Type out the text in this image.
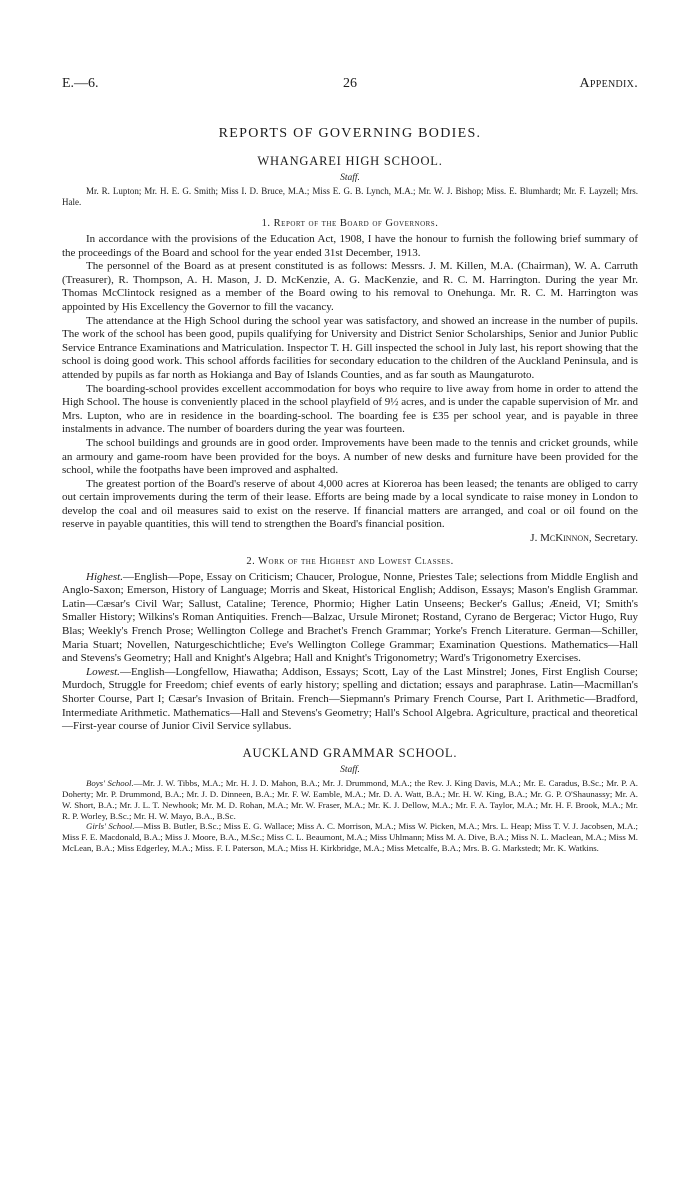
E.—6.	26	Appendix.
REPORTS OF GOVERNING BODIES.
WHANGAREI HIGH SCHOOL.
Staff.

Mr. R. Lupton; Mr. H. E. G. Smith; Miss I. D. Bruce, M.A.; Miss E. G. B. Lynch, M.A.; Mr. W. J. Bishop; Miss. E. Blumhardt; Mr. F. Layzell; Mrs. Hale.

1. Report of the Board of Governors.

In accordance with the provisions of the Education Act, 1908, I have the honour to furnish the following brief summary of the proceedings of the Board and school for the year ended 31st December, 1913.

The personnel of the Board as at present constituted is as follows: Messrs. J. M. Killen, M.A. (Chairman), W. A. Carruth (Treasurer), R. Thompson, A. H. Mason, J. D. McKenzie, A. G. MacKenzie, and R. C. M. Harrington. During the year Mr. Thomas McClintock resigned as a member of the Board owing to his removal to Onehunga. Mr. R. C. M. Harrington was appointed by His Excellency the Governor to fill the vacancy.

The attendance at the High School during the school year was satisfactory, and showed an increase in the number of pupils. The work of the school has been good, pupils qualifying for University and District Senior Scholarships, Senior and Junior Public Service Entrance Examinations and Matriculation. Inspector T. H. Gill inspected the school in July last, his report showing that the school is doing good work. This school affords facilities for secondary education to the children of the Auckland Peninsula, and is attended by pupils as far north as Hokianga and Bay of Islands Counties, and as far south as Maungaturoto.

The boarding-school provides excellent accommodation for boys who require to live away from home in order to attend the High School. The house is conveniently placed in the school playfield of 9½ acres, and is under the capable supervision of Mr. and Mrs. Lupton, who are in residence in the boarding-school. The boarding fee is £35 per school year, and is payable in three instalments in advance. The number of boarders during the year was fourteen.

The school buildings and grounds are in good order. Improvements have been made to the tennis and cricket grounds, while an armoury and game-room have been provided for the boys. A number of new desks and furniture have been provided for the school, while the footpaths have been improved and asphalted.

The greatest portion of the Board's reserve of about 4,000 acres at Kioreroa has been leased; the tenants are obliged to carry out certain improvements during the term of their lease. Efforts are being made by a local syndicate to raise money in London to develop the coal and oil measures said to exist on the reserve. If financial matters are arranged, and coal or oil found on the reserve in payable quantities, this will tend to strengthen the Board's financial position.

J. McKinnon, Secretary.

2. Work of the Highest and Lowest Classes.

Highest.—English—Pope, Essay on Criticism; Chaucer, Prologue, Nonne, Priestes Tale; selections from Middle English and Anglo-Saxon; Emerson, History of Language; Morris and Skeat, Historical English; Addison, Essays; Mason's English Grammar. Latin—Cæsar's Civil War; Sallust, Cataline; Terence, Phormio; Higher Latin Unseens; Becker's Gallus; Æneid, VI; Smith's Smaller History; Wilkins's Roman Antiquities. French—Balzac, Ursule Mironet; Rostand, Cyrano de Bergerac; Victor Hugo, Ruy Blas; Weekly's French Prose; Wellington College and Brachet's French Grammar; Yorke's French Literature. German—Schiller, Maria Stuart; Novellen, Naturgeschichtliche; Eve's Wellington College Grammar; Examination Questions. Mathematics—Hall and Stevens's Geometry; Hall and Knight's Algebra; Hall and Knight's Trigonometry; Ward's Trigonometry Exercises.

Lowest.—English—Longfellow, Hiawatha; Addison, Essays; Scott, Lay of the Last Minstrel; Jones, First English Course; Murdoch, Struggle for Freedom; chief events of early history; spelling and dictation; essays and paraphrase. Latin—Macmillan's Shorter Course, Part I; Cæsar's Invasion of Britain. French—Siepmann's Primary French Course, Part I. Arithmetic—Bradford, Intermediate Arithmetic. Mathematics—Hall and Stevens's Geometry; Hall's School Algebra. Agriculture, practical and theoretical—First-year course of Junior Civil Service syllabus.

AUCKLAND GRAMMAR SCHOOL.
Staff.

Boys' School.—Mr. J. W. Tibbs, M.A.; Mr. H. J. D. Mahon, B.A.; Mr. J. Drummond, M.A.; the Rev. J. King Davis, M.A.; Mr. E. Caradus, B.Sc.; Mr. P. A. Doherty; Mr. P. Drummond, B.A.; Mr. J. D. Dinneen, B.A.; Mr. F. W. Eamble, M.A.; Mr. D. A. Watt, B.A.; Mr. H. W. King, B.A.; Mr. G. P. O'Shaunassy; Mr. A. W. Short, B.A.; Mr. J. L. T. Newhook; Mr. M. D. Rohan, M.A.; Mr. W. Fraser, M.A.; Mr. K. J. Dellow, M.A.; Mr. F. A. Taylor, M.A.; Mr. H. F. Brook, M.A.; Mr. R. P. Worley, B.Sc.; Mr. H. W. Mayo, B.A., B.Sc.

Girls' School.—Miss B. Butler, B.Sc.; Miss E. G. Wallace; Miss A. C. Morrison, M.A.; Miss W. Picken, M.A.; Mrs. L. Heap; Miss T. V. J. Jacobsen, M.A.; Miss F. E. Macdonald, B.A.; Miss J. Moore, B.A., M.Sc.; Miss C. L. Beaumont, M.A.; Miss Uhlmann; Miss M. A. Dive, B.A.; Miss N. L. Maclean, M.A.; Miss M. McLean, B.A.; Miss Edgerley, M.A.; Miss. F. I. Paterson, M.A.; Miss H. Kirkbridge, M.A.; Miss Metcalfe, B.A.; Mrs. B. G. Markstedt; Mr. K. Watkins.
